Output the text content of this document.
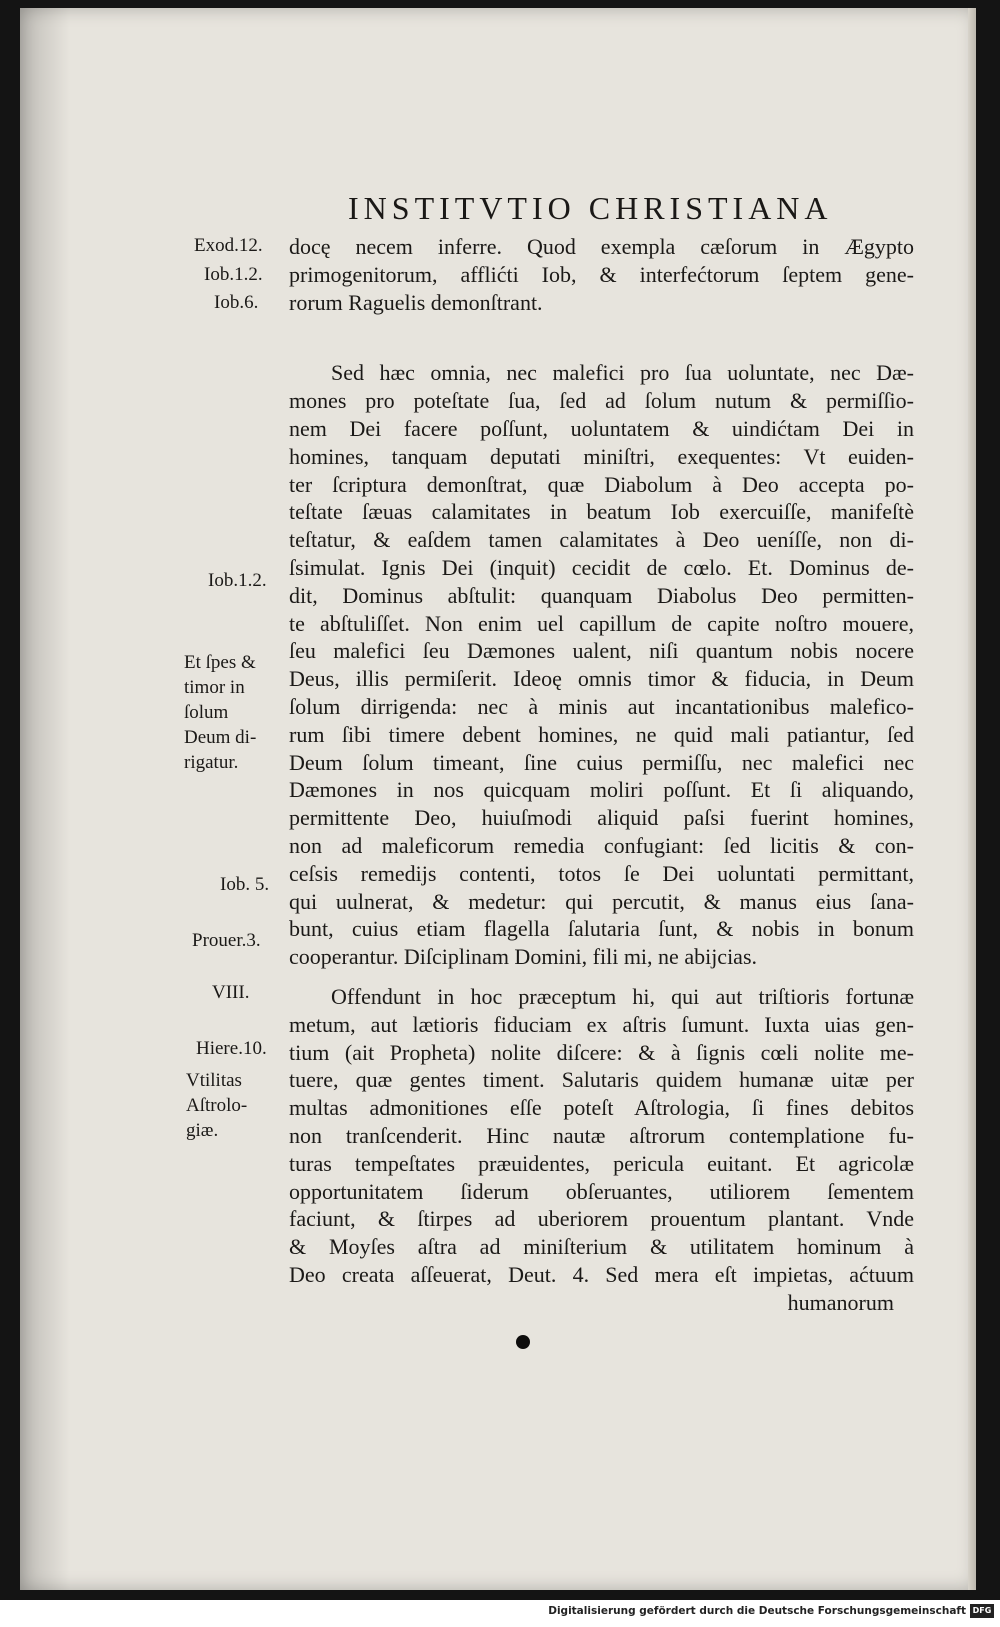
INSTITVTIO CHRISTIANA
docę necem inferre. Quod exempla cæſorum in Ægypto
primogenitorum, afflićti Iob, & interfećtorum ſeptem gene-
rorum Raguelis demonſtrant.
Sed hæc omnia, nec malefici pro ſua uoluntate, nec Dæ-
mones pro poteſtate ſua, ſed ad ſolum nutum & permiſſio-
nem Dei facere poſſunt, uoluntatem & uindićtam Dei in
homines, tanquam deputati miniſtri, exequentes: Vt euiden-
ter ſcriptura demonſtrat, quæ Diabolum à Deo accepta po-
teſtate ſæuas calamitates in beatum Iob exercuiſſe, manifeſtè
teſtatur, & eaſdem tamen calamitates à Deo ueníſſe, non di-
ſsimulat. Ignis Dei (inquit) cecidit de cœlo. Et. Dominus de-
dit, Dominus abſtulit: quanquam Diabolus Deo permitten-
te abſtuliſſet. Non enim uel capillum de capite noſtro mouere,
ſeu malefici ſeu Dæmones ualent, niſi quantum nobis nocere
Deus, illis permiſerit. Ideoę omnis timor & fiducia, in Deum
ſolum dirrigenda: nec à minis aut incantationibus malefico-
rum ſibi timere debent homines, ne quid mali patiantur, ſed
Deum ſolum timeant, ſine cuius permiſſu, nec malefici nec
Dæmones in nos quicquam moliri poſſunt. Et ſi aliquando,
permittente Deo, huiuſmodi aliquid paſsi fuerint homines,
non ad maleficorum remedia confugiant: ſed licitis & con-
ceſsis remedijs contenti, totos ſe Dei uoluntati permittant,
qui uulnerat, & medetur: qui percutit, & manus eius ſana-
bunt, cuius etiam flagella ſalutaria ſunt, & nobis in bonum
cooperantur. Diſciplinam Domini, fili mi, ne abijcias.
Offendunt in hoc præceptum hi, qui aut triſtioris fortunæ
metum, aut lætioris fiduciam ex aſtris ſumunt. Iuxta uias gen-
tium (ait Propheta) nolite diſcere: & à ſignis cœli nolite me-
tuere, quæ gentes timent. Salutaris quidem humanæ uitæ per
multas admonitiones eſſe poteſt Aſtrologia, ſi fines debitos
non tranſcenderit. Hinc nautæ aſtrorum contemplatione fu-
turas tempeſtates præuidentes, pericula euitant. Et agricolæ
opportunitatem ſiderum obſeruantes, utiliorem ſementem
faciunt, & ſtirpes ad uberiorem prouentum plantant. Vnde
& Moyſes aſtra ad miniſterium & utilitatem hominum à
Deo creata aſſeuerat, Deut. 4. Sed mera eſt impietas, aćtuum
humanorum
Exod.12.
Iob.1.2.
Iob.6.
Iob.1.2.
Et ſpes &
timor in
ſolum
Deum di-
rigatur.
Iob. 5.
Prouer.3.
VIII.
Hiere.10.
Vtilitas
Aſtrolo-
giæ.
Digitalisierung gefördert durch die Deutsche Forschungsgemeinschaft DFG
